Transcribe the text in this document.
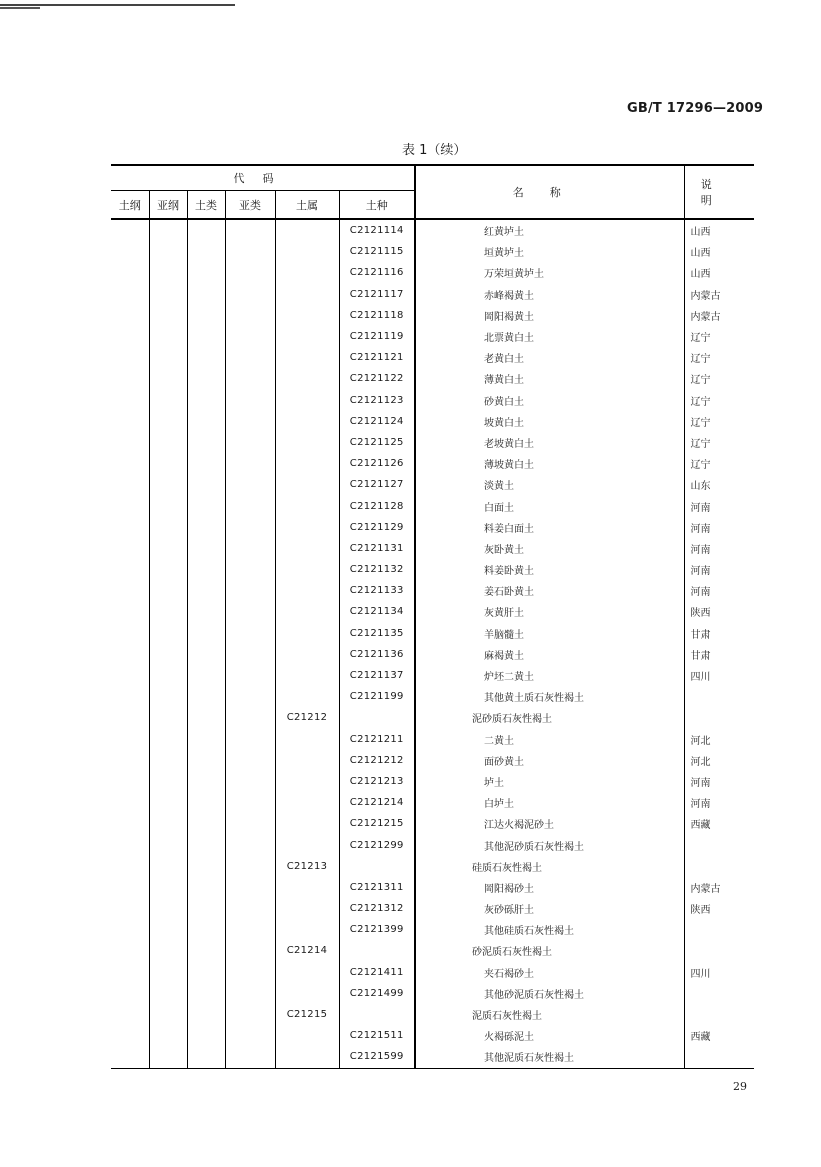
GB/T 17296—2009
表 1（续）
代码						名称	说明
土纲	亚纲	土类	亚类	土属	土种		
					C2121114	红黄垆土	山西
					C2121115	垣黄垆土	山西
					C2121116	万荣垣黄垆土	山西
					C2121117	赤峰褐黄土	内蒙古
					C2121118	岡阳褐黄土	内蒙古
					C2121119	北票黄白土	辽宁
					C2121121	老黄白土	辽宁
					C2121122	薄黄白土	辽宁
					C2121123	砂黄白土	辽宁
					C2121124	坡黄白土	辽宁
					C2121125	老坡黄白土	辽宁
					C2121126	薄坡黄白土	辽宁
					C2121127	淡黄土	山东
					C2121128	白面土	河南
					C2121129	料姜白面土	河南
					C2121131	灰卧黄土	河南
					C2121132	料姜卧黄土	河南
					C2121133	姜石卧黄土	河南
					C2121134	灰黄肝土	陕西
					C2121135	羊脑髓土	甘肃
					C2121136	麻褐黄土	甘肃
					C2121137	炉坯二黄土	四川
					C2121199	其他黄土质石灰性褐土	
				C21212		泥砂质石灰性褐土	
					C2121211	二黄土	河北
					C2121212	面砂黄土	河北
					C2121213	垆土	河南
					C2121214	白垆土	河南
					C2121215	江达火褐泥砂土	西藏
					C2121299	其他泥砂质石灰性褐土	
				C21213		硅质石灰性褐土	
					C2121311	岡阳褐砂土	内蒙古
					C2121312	灰砂砾肝土	陕西
					C2121399	其他硅质石灰性褐土	
				C21214		砂泥质石灰性褐土	
					C2121411	夹石褐砂土	四川
					C2121499	其他砂泥质石灰性褐土	
				C21215		泥质石灰性褐土	
					C2121511	火褐砾泥土	西藏
					C2121599	其他泥质石灰性褐土	
29
